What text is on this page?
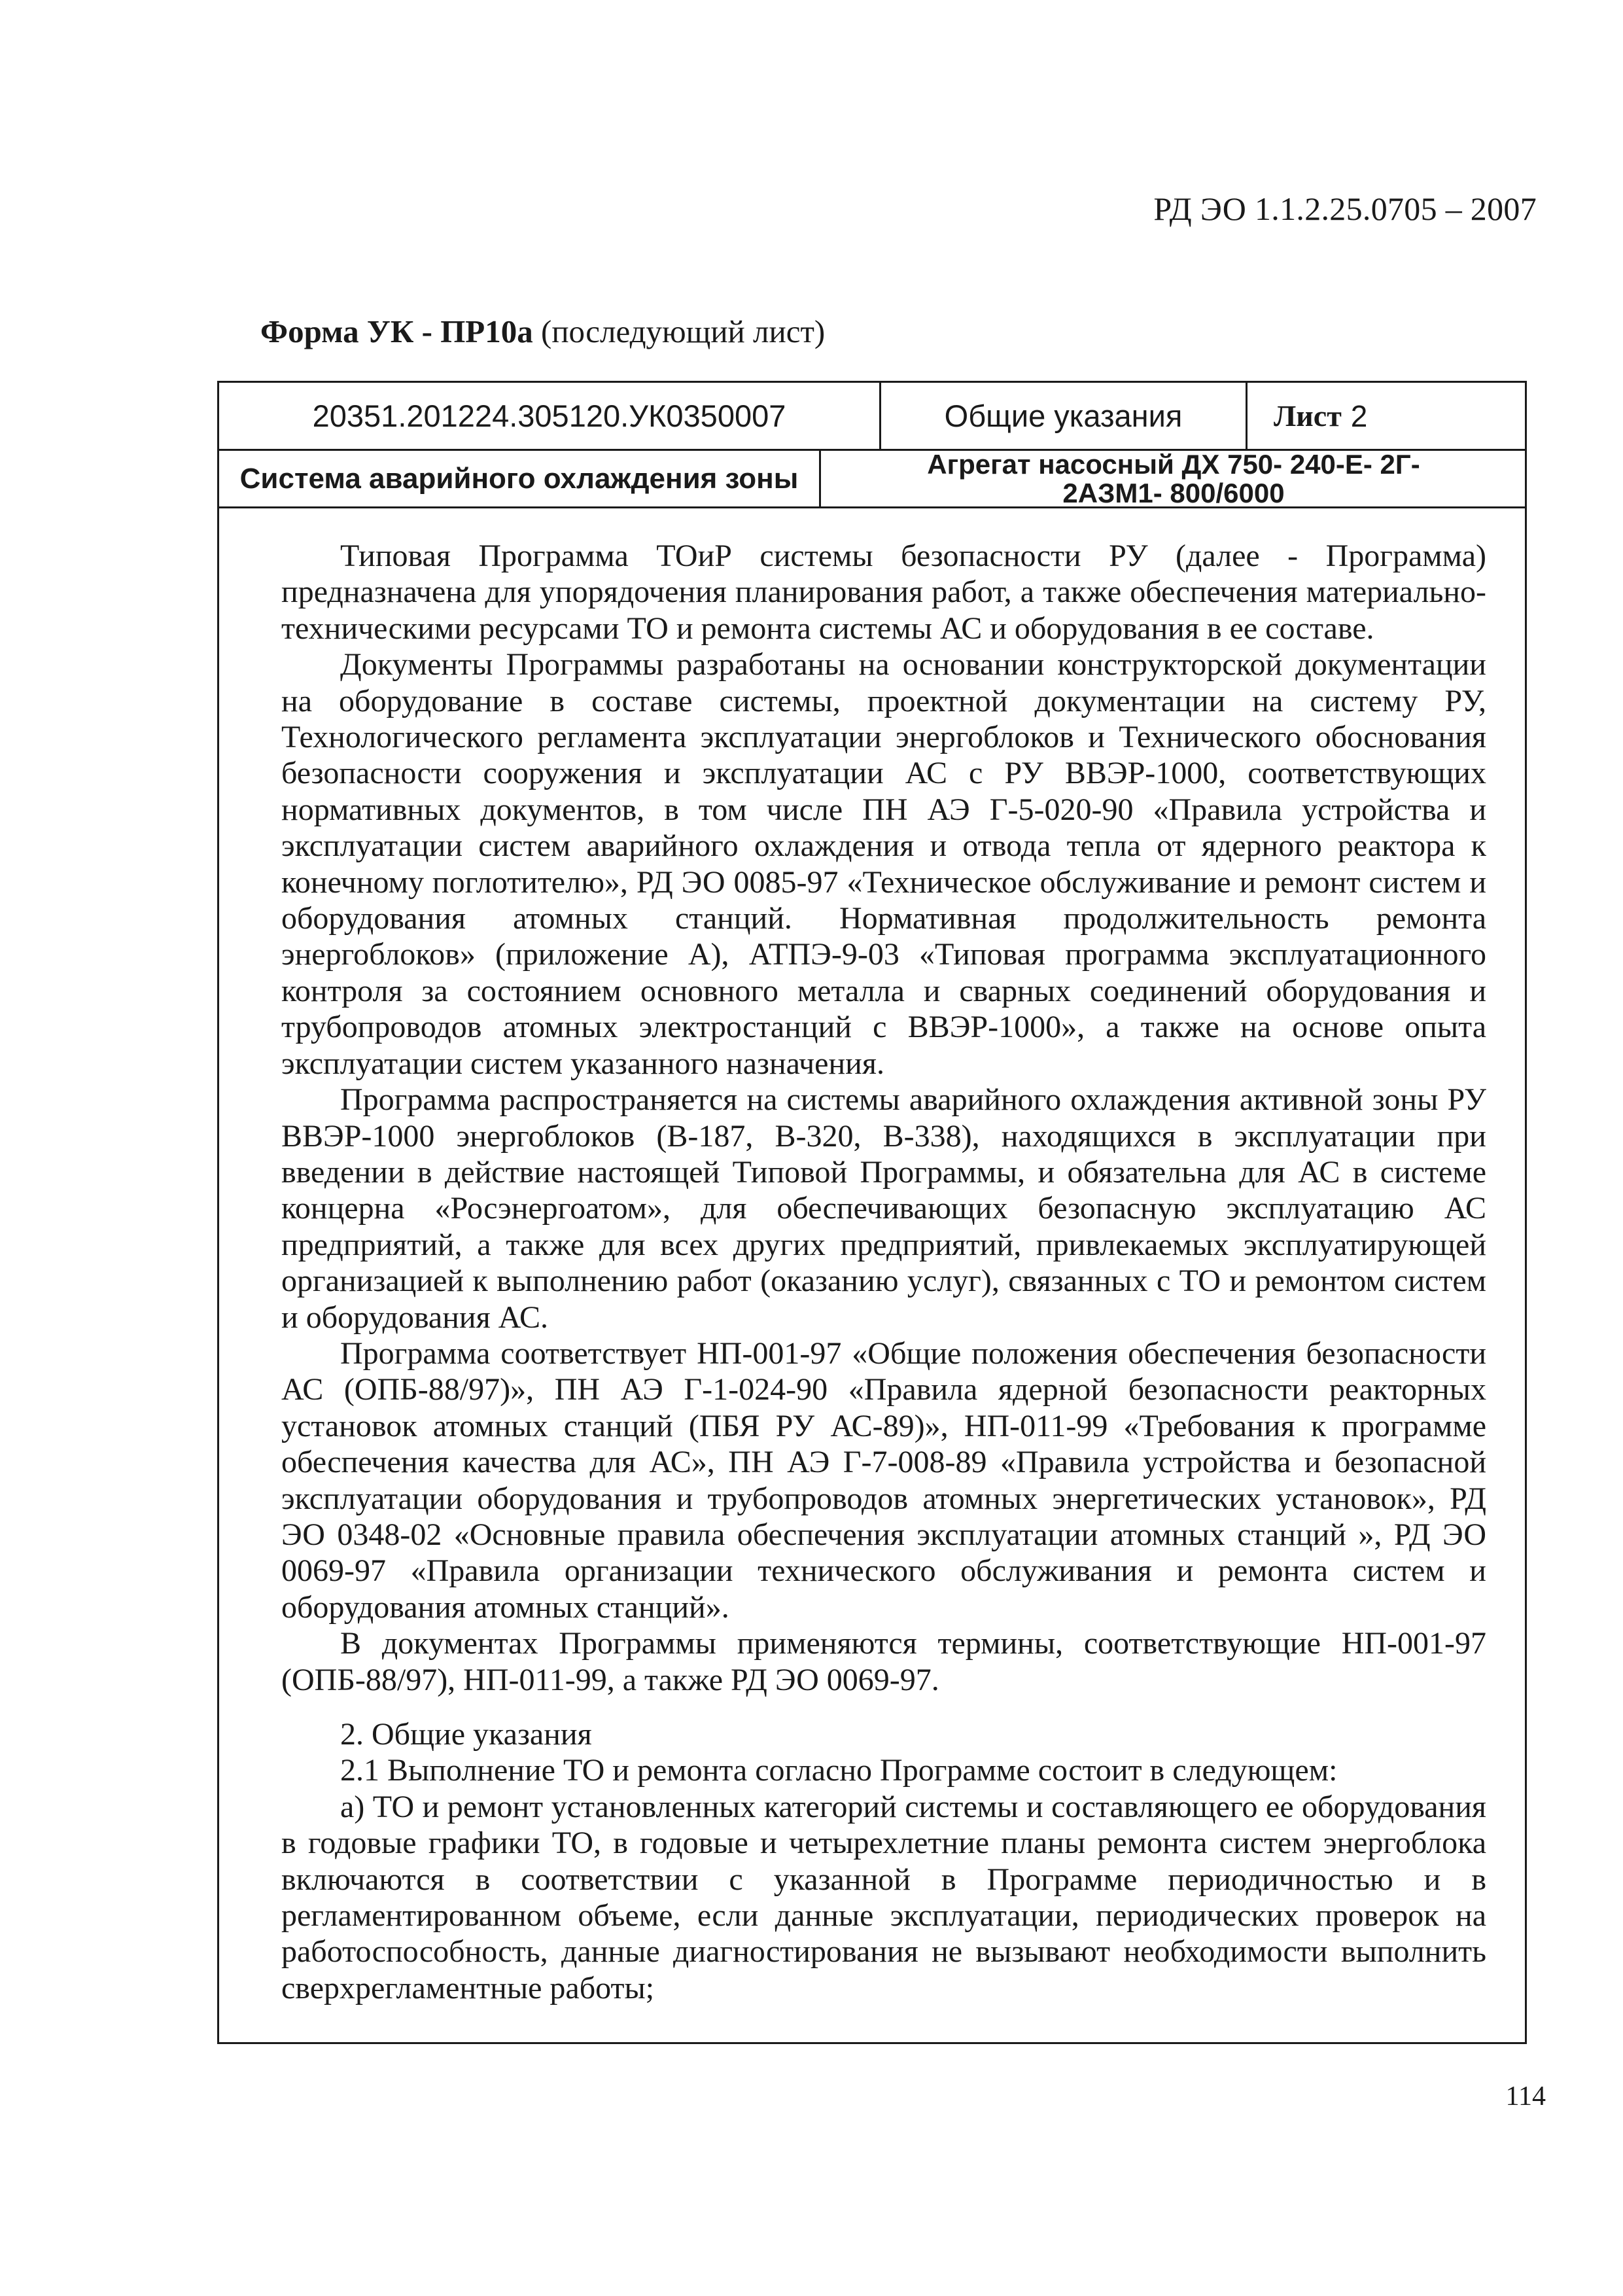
РД ЭО 1.1.2.25.0705 – 2007
Форма УК - ПР10а (последующий лист)
20351.201224.305120.УК0350007	Общие указания	Лист 2
Система аварийного охлаждения зоны	Агрегат насосный ДХ 750- 240-Е- 2Г-
2АЗМ1- 800/6000

Типовая Программа ТОиР системы безопасности РУ (далее - Программа) предназначена для упорядочения планирования работ, а также обеспечения материально-техническими ресурсами ТО и ремонта системы АС и оборудования в ее составе.

Документы Программы разработаны на основании конструкторской документации на оборудование в составе системы, проектной документации на систему РУ, Технологического регламента эксплуатации энергоблоков и Технического обоснования безопасности сооружения и эксплуатации АС с РУ ВВЭР-1000, соответствующих нормативных документов, в том числе ПН АЭ Г-5-020-90 «Правила устройства и эксплуатации систем аварийного охлаждения и отвода тепла от ядерного реактора к конечному поглотителю», РД ЭО 0085-97 «Техническое обслуживание и ремонт систем и оборудования атомных станций. Нормативная продолжительность ремонта энергоблоков» (приложение А), АТПЭ-9-03 «Типовая программа эксплуатационного контроля за состоянием основного металла и сварных соединений оборудования и трубопроводов атомных электростанций с ВВЭР-1000», а также на основе опыта эксплуатации систем указанного назначения.

Программа распространяется на системы аварийного охлаждения активной зоны РУ ВВЭР-1000 энергоблоков (В-187, В-320, В-338), находящихся в эксплуатации при введении в действие настоящей Типовой Программы, и обязательна для АС в системе концерна «Росэнергоатом», для обеспечивающих безопасную эксплуатацию АС предприятий, а также для всех других предприятий, привлекаемых эксплуатирующей организацией к выполнению работ (оказанию услуг), связанных с ТО и ремонтом систем и оборудования АС.

Программа соответствует НП-001-97 «Общие положения обеспечения безопасности АС (ОПБ-88/97)», ПН АЭ Г-1-024-90 «Правила ядерной безопасности реакторных установок атомных станций (ПБЯ РУ АС-89)», НП-011-99 «Требования к программе обеспечения качества для АС», ПН АЭ Г-7-008-89 «Правила устройства и безопасной эксплуатации оборудования и трубопроводов атомных энергетических установок», РД ЭО 0348-02 «Основные правила обеспечения эксплуатации атомных станций », РД ЭО 0069-97 «Правила организации технического обслуживания и ремонта систем и оборудования атомных станций».

В документах Программы применяются термины, соответствующие НП-001-97 (ОПБ-88/97), НП-011-99, а также РД ЭО 0069-97.

2. Общие указания

2.1 Выполнение ТО и ремонта согласно Программе состоит в следующем:

а) ТО и ремонт установленных категорий системы и составляющего ее оборудования в годовые графики ТО, в годовые и четырехлетние планы ремонта систем энергоблока включаются в соответствии с указанной в Программе периодичностью и в регламентированном объеме, если данные эксплуатации, периодических проверок на работоспособность, данные диагностирования не вызывают необходимости выполнить сверхрегламентные работы;

114
